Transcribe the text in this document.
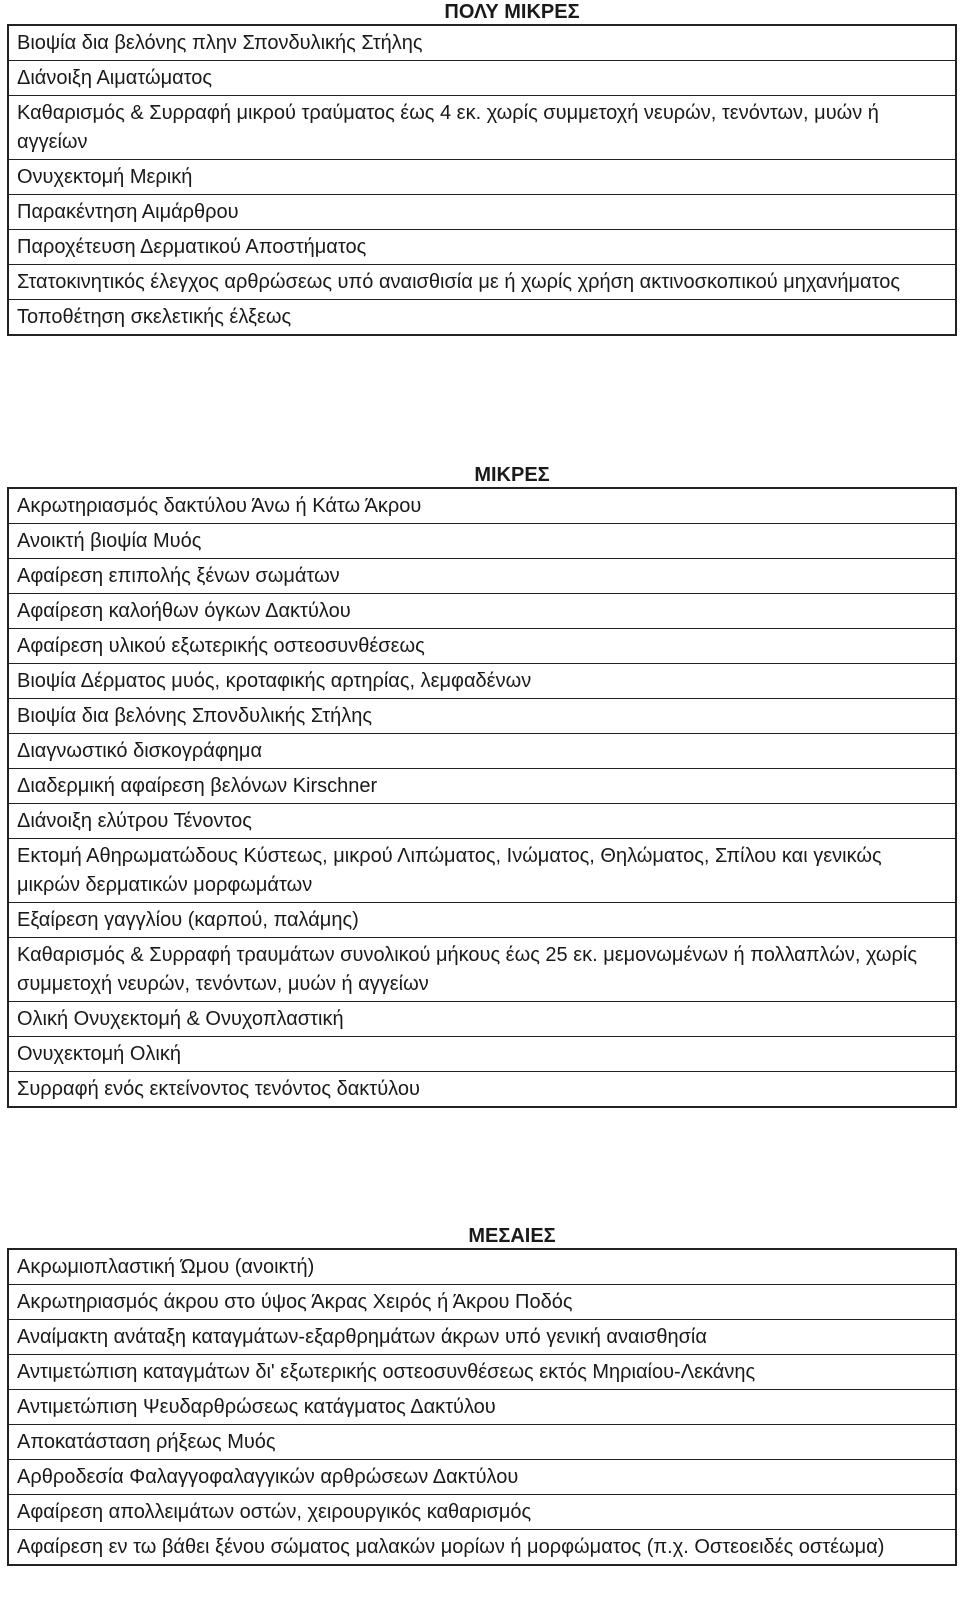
ΠΟΛΥ ΜΙΚΡΕΣ
Βιοψία δια βελόνης πλην Σπονδυλικής Στήλης
Διάνοιξη Αιματώματος
Καθαρισμός & Συρραφή μικρού τραύματος έως 4 εκ. χωρίς συμμετοχή νευρών, τενόντων, μυών ή αγγείων
Ονυχεκτομή Μερική
Παρακέντηση Αιμάρθρου
Παροχέτευση Δερματικού Αποστήματος
Στατοκινητικός έλεγχος αρθρώσεως υπό αναισθισία με ή χωρίς χρήση ακτινοσκοπικού μηχανήματος
Τοποθέτηση σκελετικής έλξεως
ΜΙΚΡΕΣ
Ακρωτηριασμός δακτύλου Άνω ή Κάτω Άκρου
Ανοικτή βιοψία Μυός
Αφαίρεση επιπολής ξένων σωμάτων
Αφαίρεση καλοήθων όγκων Δακτύλου
Αφαίρεση υλικού εξωτερικής οστεοσυνθέσεως
Βιοψία Δέρματος μυός, κροταφικής αρτηρίας, λεμφαδένων
Βιοψία δια βελόνης Σπονδυλικής Στήλης
Διαγνωστικό δισκογράφημα
Διαδερμική αφαίρεση βελόνων Kirschner
Διάνοιξη ελύτρου Τένοντος
Εκτομή Αθηρωματώδους Κύστεως, μικρού Λιπώματος, Ινώματος, Θηλώματος, Σπίλου και γενικώς μικρών δερματικών μορφωμάτων
Εξαίρεση γαγγλίου (καρπού, παλάμης)
Καθαρισμός & Συρραφή τραυμάτων συνολικού μήκους έως 25 εκ. μεμονωμένων ή πολλαπλών, χωρίς συμμετοχή νευρών, τενόντων, μυών ή αγγείων
Ολική Ονυχεκτομή & Ονυχοπλαστική
Ονυχεκτομή Ολική
Συρραφή ενός εκτείνοντος τενόντος δακτύλου
ΜΕΣΑΙΕΣ
Ακρωμιοπλαστική Ώμου (ανοικτή)
Ακρωτηριασμός άκρου στο ύψος Άκρας Χειρός ή Άκρου Ποδός
Αναίμακτη ανάταξη καταγμάτων-εξαρθρημάτων άκρων υπό γενική αναισθησία
Αντιμετώπιση καταγμάτων δι' εξωτερικής οστεοσυνθέσεως εκτός Μηριαίου-Λεκάνης
Αντιμετώπιση Ψευδαρθρώσεως κατάγματος Δακτύλου
Αποκατάσταση ρήξεως Μυός
Αρθροδεσία Φαλαγγοφαλαγγικών αρθρώσεων Δακτύλου
Αφαίρεση απολλειμάτων οστών, χειρουργικός καθαρισμός
Αφαίρεση εν τω βάθει ξένου σώματος μαλακών μορίων ή μορφώματος (π.χ. Οστεοειδές οστέωμα)
